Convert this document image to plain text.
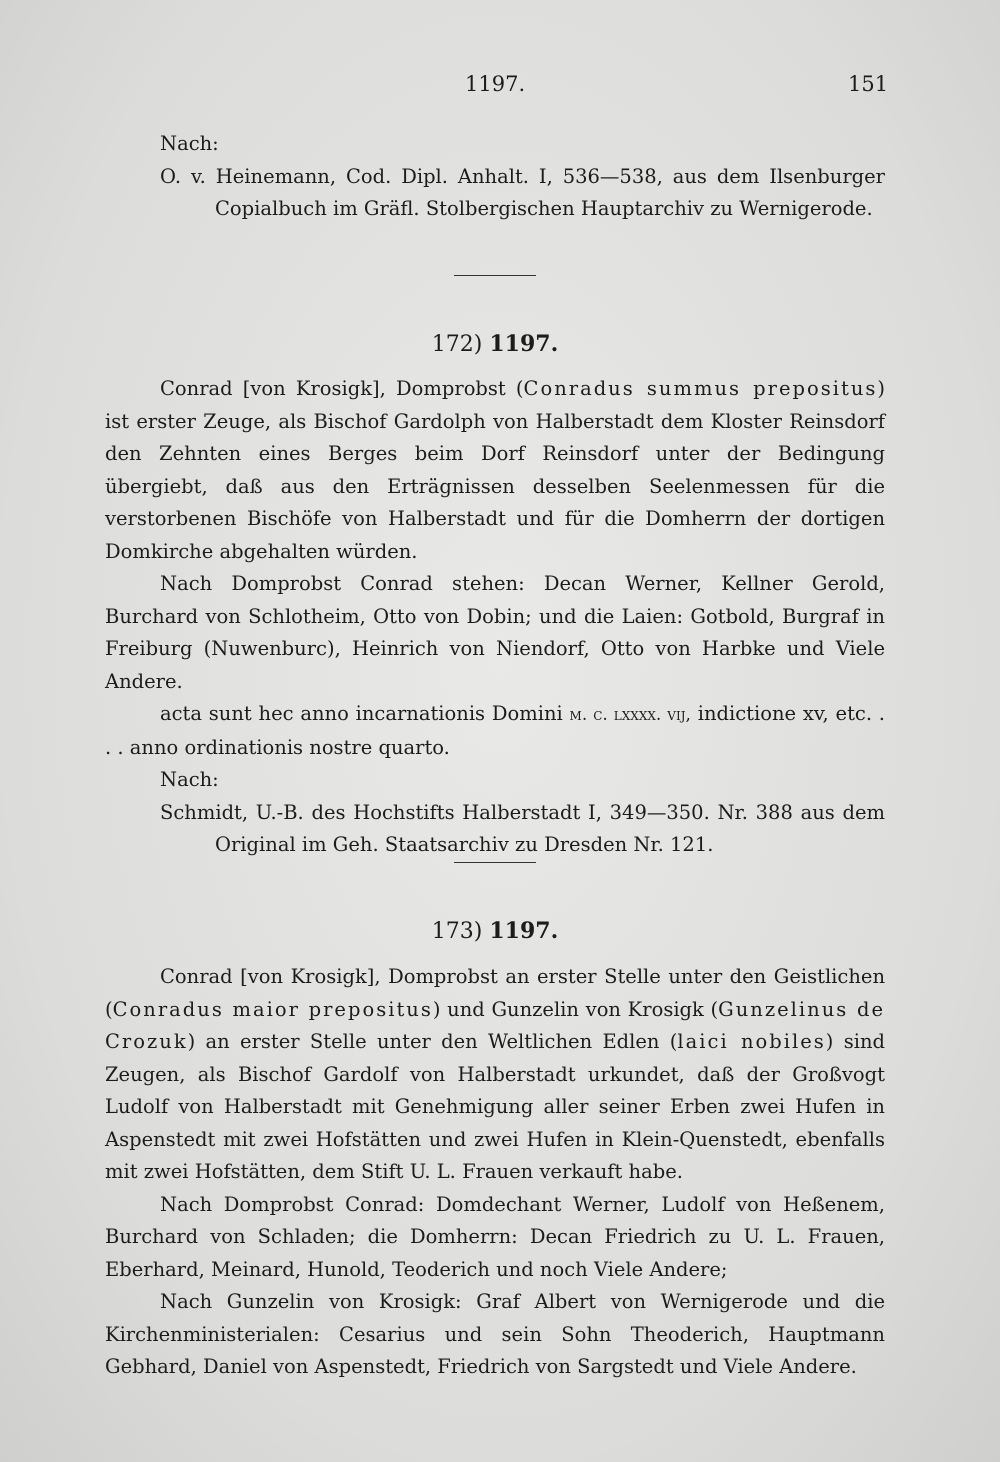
1197.	151

Nach:

O. v. Heinemann, Cod. Dipl. Anhalt. I, 536—538, aus dem Ilsenburger Copialbuch im Gräfl. Stolbergischen Hauptarchiv zu Wernigerode.

172) 1197.

Conrad [von Krosigk], Domprobst (Conradus summus prepositus) ist erster Zeuge, als Bischof Gardolph von Halberstadt dem Kloster Reinsdorf den Zehnten eines Berges beim Dorf Reinsdorf unter der Bedingung übergiebt, daß aus den Erträgnissen desselben Seelenmessen für die verstorbenen Bischöfe von Halberstadt und für die Domherrn der dortigen Domkirche abgehalten würden.

Nach Domprobst Conrad stehen: Decan Werner, Kellner Gerold, Burchard von Schlotheim, Otto von Dobin; und die Laien: Gotbold, Burgraf in Freiburg (Nuwenburc), Heinrich von Niendorf, Otto von Harbke und Viele Andere.

acta sunt hec anno incarnationis Domini m. c. lxxxx. vij, indictione xv, etc. . . . anno ordinationis nostre quarto.

Nach:

Schmidt, U.-B. des Hochstifts Halberstadt I, 349—350. Nr. 388 aus dem Original im Geh. Staatsarchiv zu Dresden Nr. 121.

173) 1197.

Conrad [von Krosigk], Domprobst an erster Stelle unter den Geistlichen (Conradus maior prepositus) und Gunzelin von Krosigk (Gunzelinus de Crozuk) an erster Stelle unter den Weltlichen Edlen (laici nobiles) sind Zeugen, als Bischof Gardolf von Halberstadt urkundet, daß der Großvogt Ludolf von Halberstadt mit Genehmigung aller seiner Erben zwei Hufen in Aspenstedt mit zwei Hofstätten und zwei Hufen in Klein-Quenstedt, ebenfalls mit zwei Hofstätten, dem Stift U. L. Frauen verkauft habe.

Nach Domprobst Conrad: Domdechant Werner, Ludolf von Heßenem, Burchard von Schladen; die Domherrn: Decan Friedrich zu U. L. Frauen, Eberhard, Meinard, Hunold, Teoderich und noch Viele Andere;

Nach Gunzelin von Krosigk: Graf Albert von Wernigerode und die Kirchenministerialen: Cesarius und sein Sohn Theoderich, Hauptmann Gebhard, Daniel von Aspenstedt, Friedrich von Sargstedt und Viele Andere.
